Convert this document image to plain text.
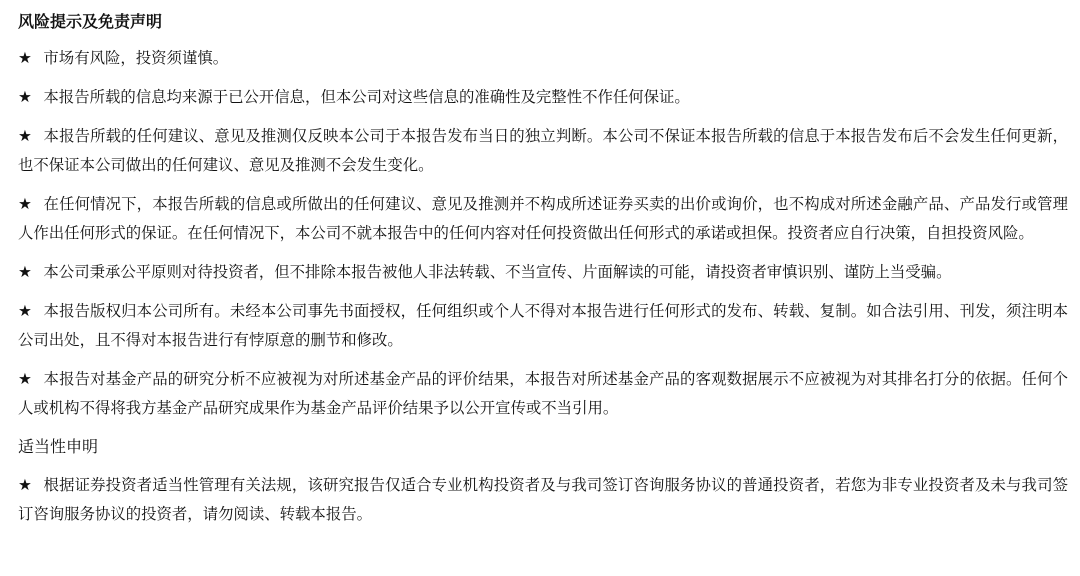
风险提示及免责声明
★ 市场有风险，投资须谨慎。
★ 本报告所载的信息均来源于已公开信息，但本公司对这些信息的准确性及完整性不作任何保证。
★ 本报告所载的任何建议、意见及推测仅反映本公司于本报告发布当日的独立判断。本公司不保证本报告所载的信息于本报告发布后不会发生任何更新，也不保证本公司做出的任何建议、意见及推测不会发生变化。
★ 在任何情况下，本报告所载的信息或所做出的任何建议、意见及推测并不构成所述证券买卖的出价或询价，也不构成对所述金融产品、产品发行或管理人作出任何形式的保证。在任何情况下，本公司不就本报告中的任何内容对任何投资做出任何形式的承诺或担保。投资者应自行决策，自担投资风险。
★ 本公司秉承公平原则对待投资者，但不排除本报告被他人非法转载、不当宣传、片面解读的可能，请投资者审慎识别、谨防上当受骗。
★ 本报告版权归本公司所有。未经本公司事先书面授权，任何组织或个人不得对本报告进行任何形式的发布、转载、复制。如合法引用、刊发，须注明本公司出处，且不得对本报告进行有悖原意的删节和修改。
★ 本报告对基金产品的研究分析不应被视为对所述基金产品的评价结果，本报告对所述基金产品的客观数据展示不应被视为对其排名打分的依据。任何个人或机构不得将我方基金产品研究成果作为基金产品评价结果予以公开宣传或不当引用。
适当性申明
★ 根据证券投资者适当性管理有关法规，该研究报告仅适合专业机构投资者及与我司签订咨询服务协议的普通投资者，若您为非专业投资者及未与我司签订咨询服务协议的投资者，请勿阅读、转载本报告。
